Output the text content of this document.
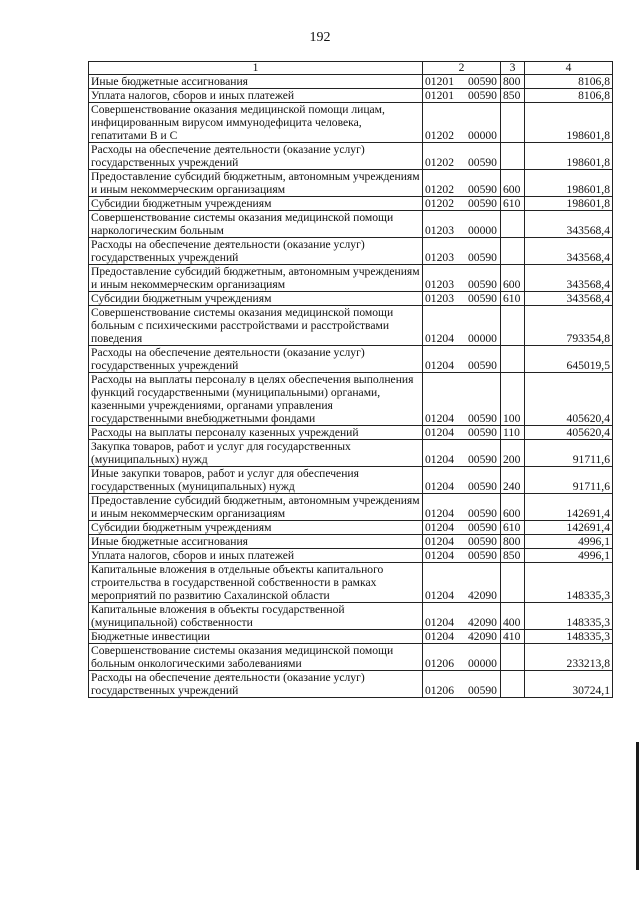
192
1	2	3	4
Иные бюджетные ассигнования	01201 00590	800	8106,8
Уплата налогов, сборов и иных платежей	01201 00590	850	8106,8
Совершенствование оказания медицинской помощи лицам, инфицированным вирусом иммунодефицита человека, гепатитами В и С	01202 00000		198601,8
Расходы на обеспечение деятельности (оказание услуг) государственных учреждений	01202 00590		198601,8
Предоставление субсидий бюджетным, автономным учреждениям и иным некоммерческим организациям	01202 00590	600	198601,8
Субсидии бюджетным учреждениям	01202 00590	610	198601,8
Совершенствование системы оказания медицинской помощи наркологическим больным	01203 00000		343568,4
Расходы на обеспечение деятельности (оказание услуг) государственных учреждений	01203 00590		343568,4
Предоставление субсидий бюджетным, автономным учреждениям и иным некоммерческим организациям	01203 00590	600	343568,4
Субсидии бюджетным учреждениям	01203 00590	610	343568,4
Совершенствование системы оказания медицинской помощи больным с психическими расстройствами и расстройствами поведения	01204 00000		793354,8
Расходы на обеспечение деятельности (оказание услуг) государственных учреждений	01204 00590		645019,5
Расходы на выплаты персоналу в целях обеспечения выполнения функций государственными (муниципальными) органами, казенными учреждениями, органами управления государственными внебюджетными фондами	01204 00590	100	405620,4
Расходы на выплаты персоналу казенных учреждений	01204 00590	110	405620,4
Закупка товаров, работ и услуг для государственных (муниципальных) нужд	01204 00590	200	91711,6
Иные закупки товаров, работ и услуг для обеспечения государственных (муниципальных) нужд	01204 00590	240	91711,6
Предоставление субсидий бюджетным, автономным учреждениям и иным некоммерческим организациям	01204 00590	600	142691,4
Субсидии бюджетным учреждениям	01204 00590	610	142691,4
Иные бюджетные ассигнования	01204 00590	800	4996,1
Уплата налогов, сборов и иных платежей	01204 00590	850	4996,1
Капитальные вложения в отдельные объекты капитального строительства в государственной собственности в рамках мероприятий по развитию Сахалинской области	01204 42090		148335,3
Капитальные вложения в объекты государственной (муниципальной) собственности	01204 42090	400	148335,3
Бюджетные инвестиции	01204 42090	410	148335,3
Совершенствование системы оказания медицинской помощи больным онкологическими заболеваниями	01206 00000		233213,8
Расходы на обеспечение деятельности (оказание услуг) государственных учреждений	01206 00590		30724,1
